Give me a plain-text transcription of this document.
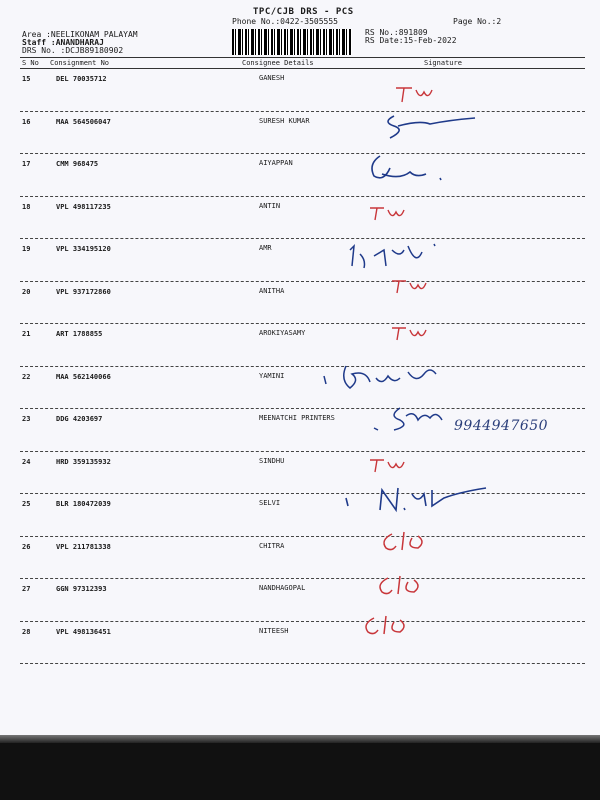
TPC/CJB DRS - PCS
Phone No.:0422-3505555	Page No.:2
Area :NEELIKONAM PALAYAM
Staff :ANANDHARAJ
DRS No. :DCJB89180902
RS No.:891809
RS Date:15-Feb-2022
S No Consignment No	Consignee Details	Signature
15	DEL 70035712	GANESH
16	MAA 564506047	SURESH KUMAR
17	CMM 968475	AIYAPPAN
18	VPL 498117235	ANTIN
19	VPL 334195120	AMR
20	VPL 937172860	ANITHA
21	ART 1788855	AROKIYASAMY
22	MAA 562140066	YAMINI
23	DDG 4203697	MEENATCHI PRINTERS
24	HRD 359135932	SINDHU
25	BLR 180472039	SELVI
26	VPL 211781338	CHITRA
27	GGN 97312393	NANDHAGOPAL
28	VPL 498136451	NITEESH
9944947650
